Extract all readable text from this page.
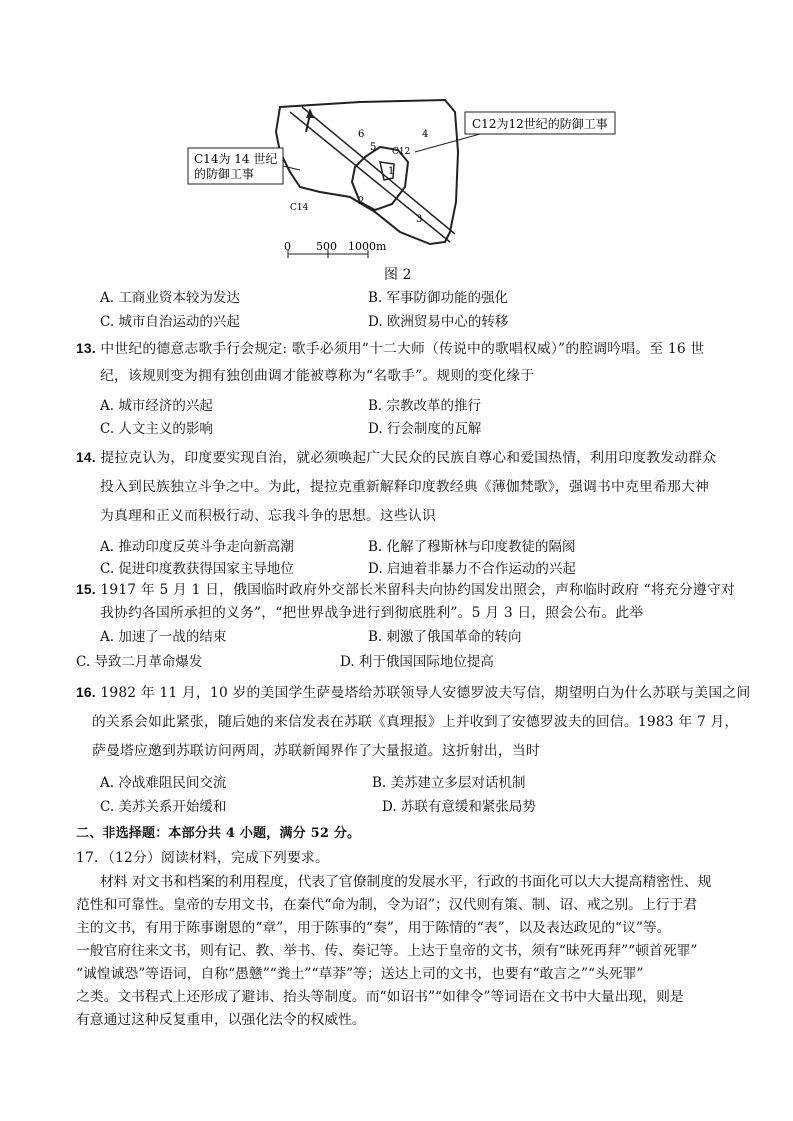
C12为12世纪的防御工事
C14为 14 世纪
的防御工事
C12
C14
1
2
3
4
5
6
0 500 1000m
图 2
A. 工商业资本较为发达	B. 军事防御功能的强化
C. 城市自治运动的兴起	D. 欧洲贸易中心的转移
13. 中世纪的德意志歌手行会规定: 歌手必须用“十二大师（传说中的歌唱权威）”的腔调吟唱。至 16 世
纪，该规则变为拥有独创曲调才能被尊称为“名歌手”。规则的变化缘于
A. 城市经济的兴起	B. 宗教改革的推行
C. 人文主义的影响	D. 行会制度的瓦解
14. 提拉克认为，印度要实现自治，就必须唤起广大民众的民族自尊心和爱国热情，利用印度教发动群众
投入到民族独立斗争之中。为此，提拉克重新解释印度教经典《薄伽梵歌》，强调书中克里希那大神
为真理和正义而积极行动、忘我斗争的思想。这些认识
A. 推动印度反英斗争走向新高潮	B. 化解了穆斯林与印度教徒的隔阂
C. 促进印度教获得国家主导地位	D. 启迪着非暴力不合作运动的兴起
15. 1917 年 5 月 1 日，俄国临时政府外交部长米留科夫向协约国发出照会，声称临时政府 “将充分遵守对
我协约各国所承担的义务”，“把世界战争进行到彻底胜利”。5 月 3 日，照会公布。此举
A. 加速了一战的结束	B. 刺激了俄国革命的转向
C. 导致二月革命爆发	D. 利于俄国国际地位提高
16. 1982 年 11 月，10 岁的美国学生萨曼塔给苏联领导人安德罗波夫写信，期望明白为什么苏联与美国之间
的关系会如此紧张，随后她的来信发表在苏联《真理报》上并收到了安德罗波夫的回信。1983 年 7 月，
萨曼塔应邀到苏联访问两周，苏联新闻界作了大量报道。这折射出，当时
A. 冷战难阻民间交流	B. 美苏建立多层对话机制
C. 美苏关系开始缓和	D. 苏联有意缓和紧张局势
二、非选择题：本部分共 4 小题，满分 52 分。
17．（12分）阅读材料，完成下列要求。
材料 对文书和档案的利用程度，代表了官僚制度的发展水平，行政的书面化可以大大提高精密性、规
范性和可靠性。皇帝的专用文书，在秦代“命为制，令为诏”；汉代则有策、制、诏、戒之别。上行于君
主的文书，有用于陈事谢恩的“章”，用于陈事的“奏”，用于陈情的“表”，以及表达政见的“议”等。
一般官府往来文书，则有记、教、举书、传、奏记等。上达于皇帝的文书，须有“昧死再拜”“顿首死罪”
“诚惶诚恐”等语词，自称“愚戆”“粪土”“草莽”等；送达上司的文书，也要有“敢言之”“头死罪”
之类。文书程式上还形成了避讳、抬头等制度。而“如诏书”“如律令”等词语在文书中大量出现，则是
有意通过这种反复重申，以强化法令的权威性。
